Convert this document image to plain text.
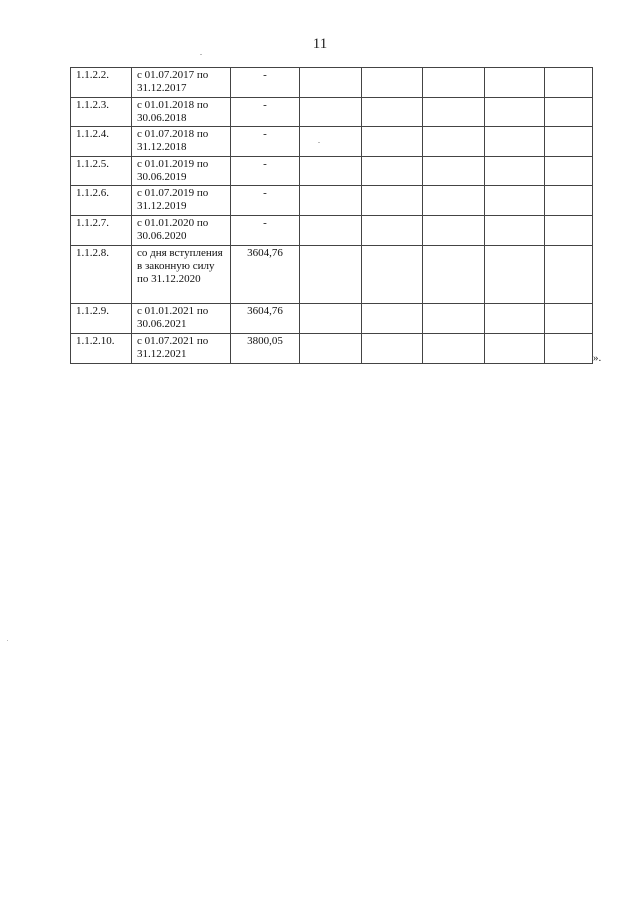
11
1.1.2.2.	с 01.07.2017 по 31.12.2017	-					
1.1.2.3.	с 01.01.2018 по 30.06.2018	-					
1.1.2.4.	с 01.07.2018 по 31.12.2018	-					
1.1.2.5.	с 01.01.2019 по 30.06.2019	-					
1.1.2.6.	с 01.07.2019 по 31.12.2019	-					
1.1.2.7.	с 01.01.2020 по 30.06.2020	-					
1.1.2.8.	со дня вступления в законную силу по 31.12.2020	3604,76					
1.1.2.9.	с 01.01.2021 по 30.06.2021	3604,76					
1.1.2.10.	с 01.07.2021 по 31.12.2021	3800,05					
».
